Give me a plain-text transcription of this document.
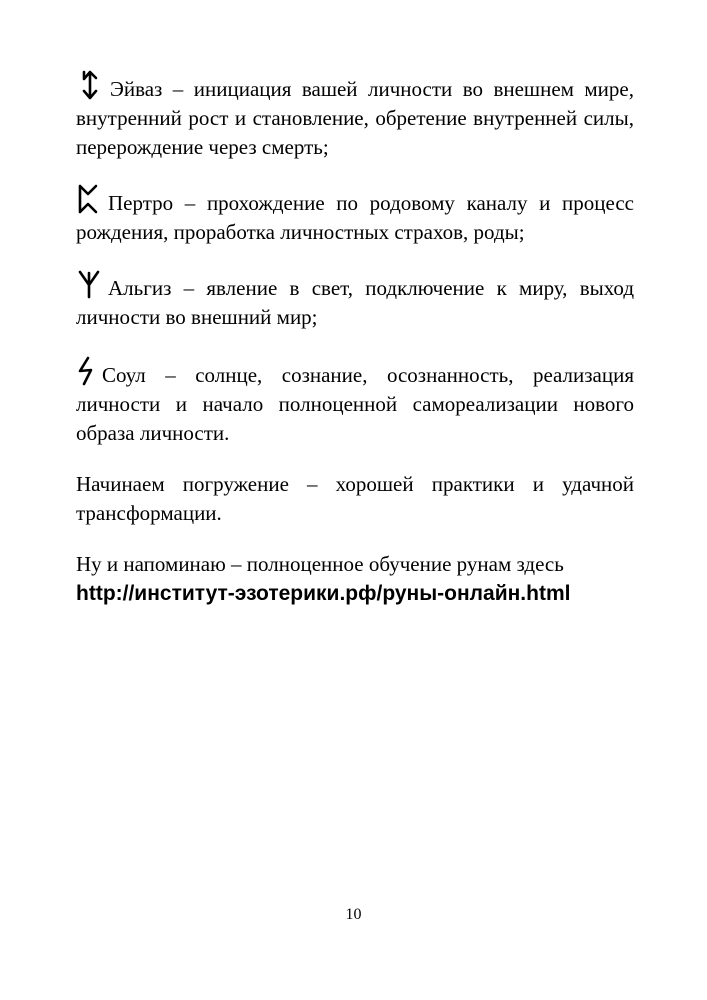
Эйваз – инициация вашей личности во внешнем мире, внутренний рост и становление, обретение внутренней силы, перерождение через смерть;

Пертро – прохождение по родовому каналу и процесс рождения, проработка личностных страхов, роды;

Альгиз – явление в свет, подключение к миру, выход личности во внешний мир;

Соул – солнце, сознание, осознанность, реализация личности и начало полноценной самореализации нового образа личности.

Начинаем погружение – хорошей практики и удачной трансформации.

Ну и напоминаю – полноценное обучение рунам здесь

http://институт-эзотерики.рф/руны-онлайн.html

10
